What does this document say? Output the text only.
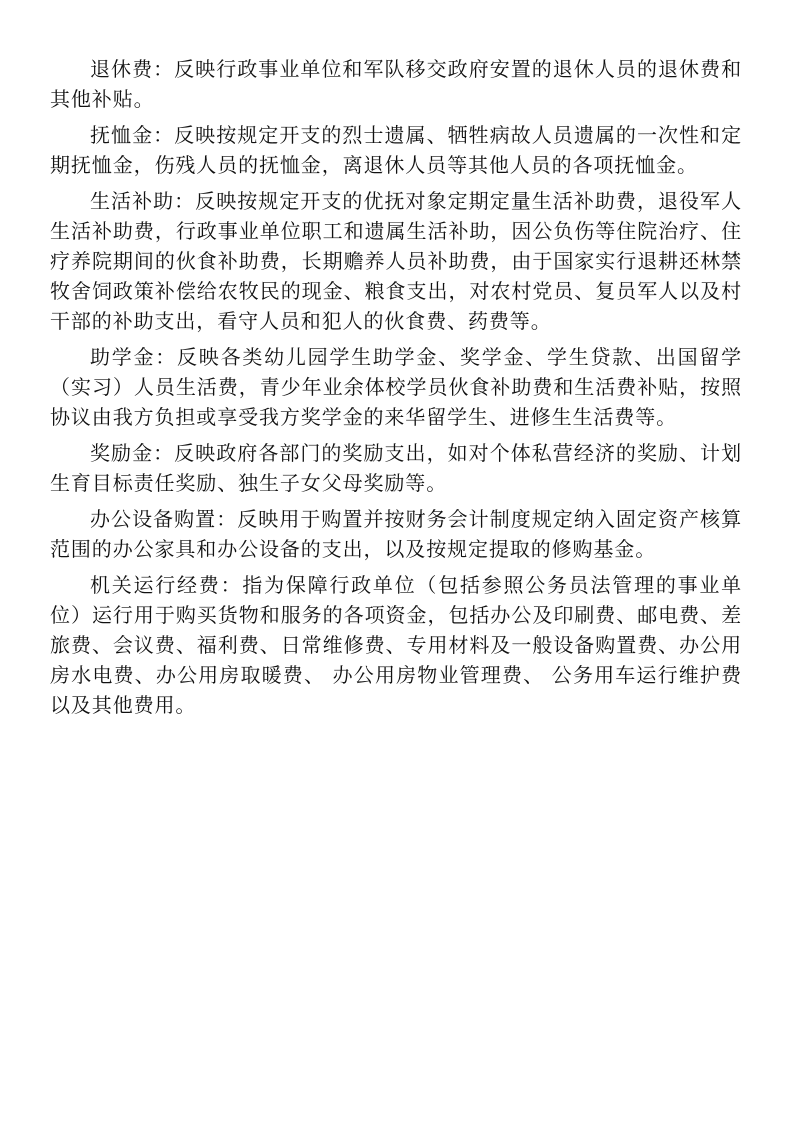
退休费：反映行政事业单位和军队移交政府安置的退休人员的退休费和其他补贴。

抚恤金：反映按规定开支的烈士遗属、牺牲病故人员遗属的一次性和定期抚恤金，伤残人员的抚恤金，离退休人员等其他人员的各项抚恤金。

生活补助：反映按规定开支的优抚对象定期定量生活补助费，退役军人生活补助费，行政事业单位职工和遗属生活补助，因公负伤等住院治疗、住疗养院期间的伙食补助费，长期赡养人员补助费，由于国家实行退耕还林禁牧舍饲政策补偿给农牧民的现金、粮食支出，对农村党员、复员军人以及村干部的补助支出，看守人员和犯人的伙食费、药费等。

助学金：反映各类幼儿园学生助学金、奖学金、学生贷款、出国留学（实习）人员生活费，青少年业余体校学员伙食补助费和生活费补贴，按照协议由我方负担或享受我方奖学金的来华留学生、进修生生活费等。

奖励金：反映政府各部门的奖励支出，如对个体私营经济的奖励、计划生育目标责任奖励、独生子女父母奖励等。

办公设备购置：反映用于购置并按财务会计制度规定纳入固定资产核算范围的办公家具和办公设备的支出，以及按规定提取的修购基金。

机关运行经费：指为保障行政单位（包括参照公务员法管理的事业单位）运行用于购买货物和服务的各项资金，包括办公及印刷费、邮电费、差旅费、会议费、福利费、日常维修费、专用材料及一般设备购置费、办公用房水电费、办公用房取暖费、 办公用房物业管理费、 公务用车运行维护费以及其他费用。
